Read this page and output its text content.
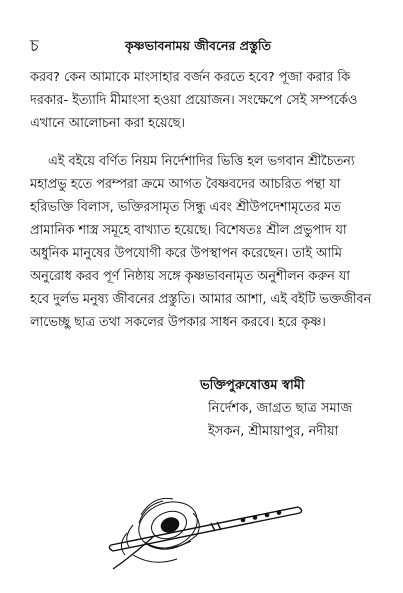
চ	কৃষ্ণভাবনাময় জীবনের প্রস্তুতি
করব? কেন আমাকে মাংসাহার বর্জন করতে হবে? পূজা করার কি
দরকার- ইত্যাদি মীমাংসা হওয়া প্রয়োজন। সংক্ষেপে সেই সম্পর্কেও
এখানে আলোচনা করা হয়েছে।
এই বইয়ে বর্ণিত নিয়ম নির্দেশাদির ভিত্তি হল ভগবান শ্রীচৈতন্য
মহাপ্রভু হতে পরম্পরা ক্রমে আগত বৈষ্ণবদের আচরিত পন্থা যা
হরিভক্তি বিলাস, ভক্তিরসামৃত সিন্ধু এবং শ্রীউপদেশামৃতের মত
প্রামানিক শাস্ত্র সমূহে বাখ্যাত হয়েছে। বিশেষতঃ শ্রীল প্রভুপাদ যা
অধুনিক মানুষের উপযোগী করে উপস্থাপন করেছেন। তাই আমি
অনুরোধ করব পূর্ণ নিষ্ঠায় সঙ্গে কৃষ্ণভাবনামৃত অনুশীলন করুন যা
হবে দুর্লভ মনুষ্য জীবনের প্রস্তুতি। আমার আশা, এই বইটি ভক্তজীবন
লাভেচ্ছু ছাত্র তথা সকলের উপকার সাধন করবে। হরে কৃষ্ণ।
ভক্তিপুরুষোত্তম স্বামী
নির্দেশক, জাগ্রত ছাত্র সমাজ
ইসকন, শ্রীমায়াপুর, নদীয়া
